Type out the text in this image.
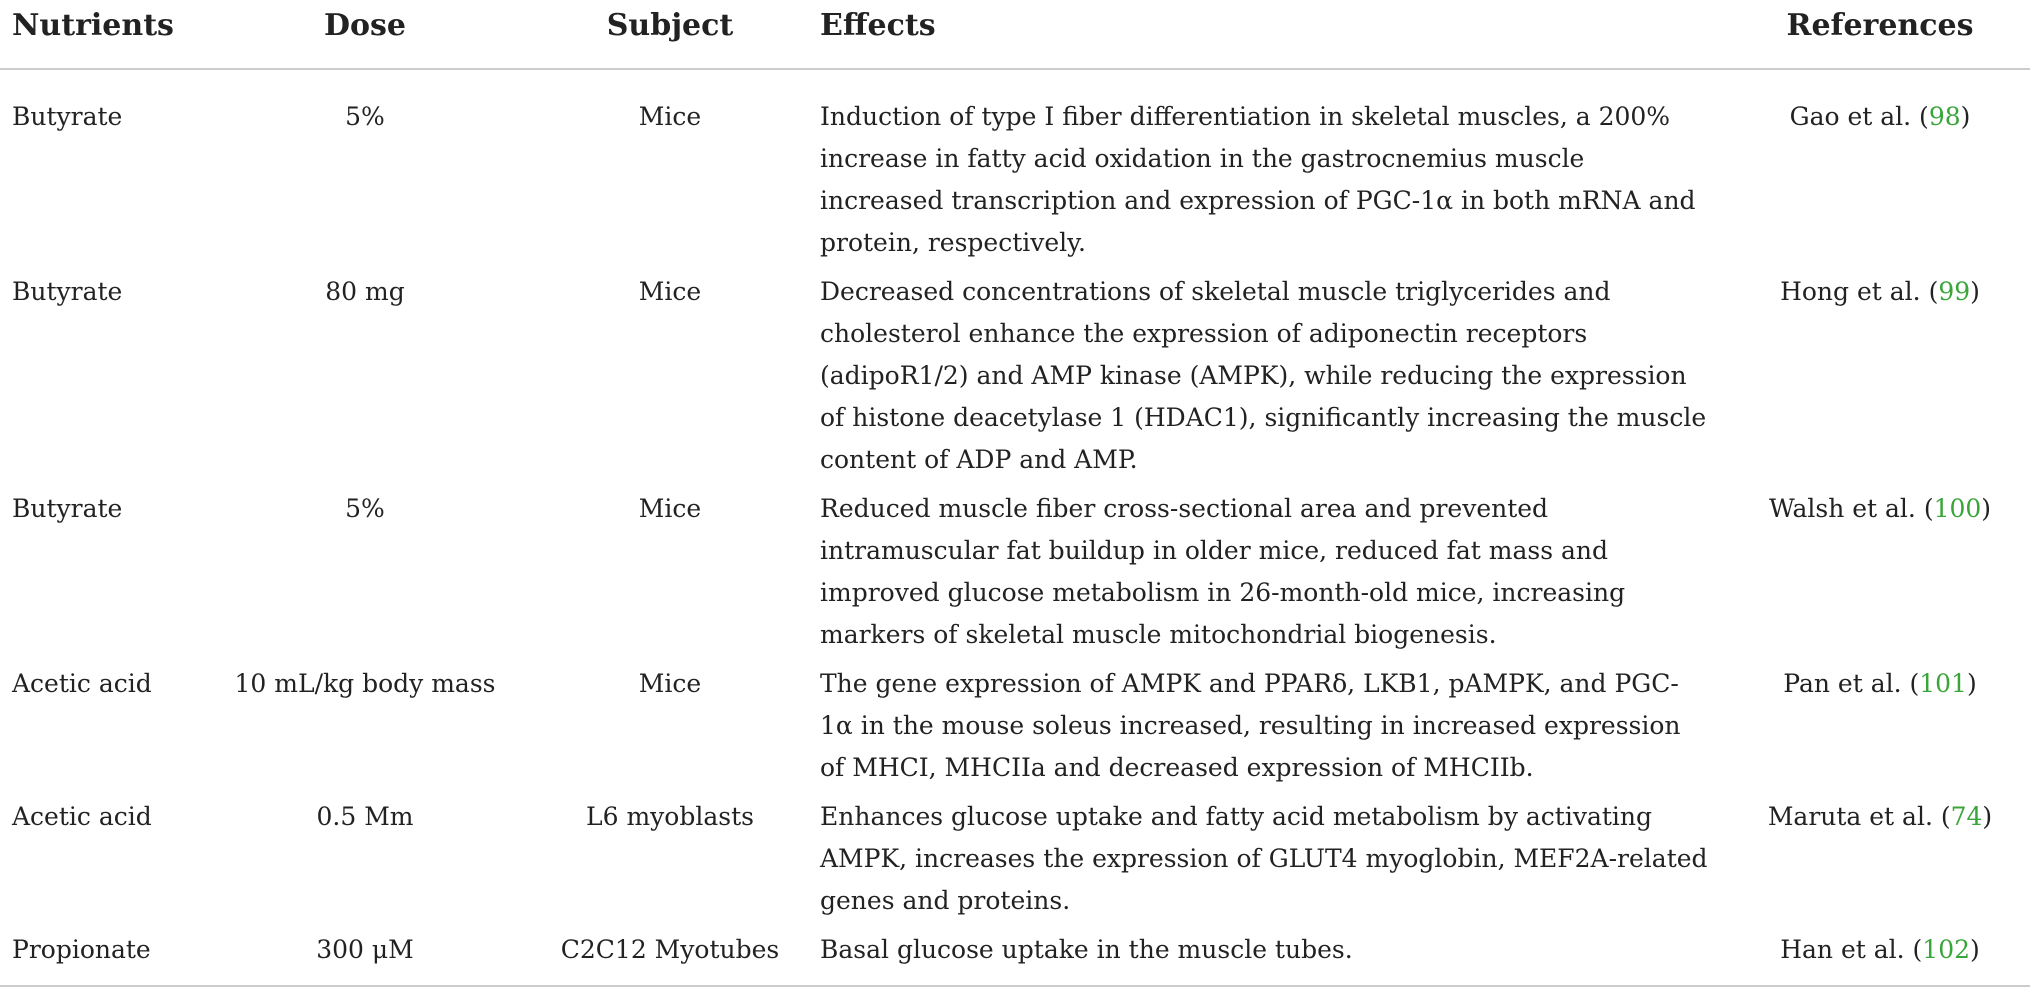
Nutrients	Dose	Subject	Effects	References
Butyrate	5%	Mice	Induction of type I fiber differentiation in skeletal muscles, a 200% increase in fatty acid oxidation in the gastrocnemius muscle increased transcription and expression of PGC-1α in both mRNA and protein, respectively.	Gao et al. (98)
Butyrate	80 mg	Mice	Decreased concentrations of skeletal muscle triglycerides and cholesterol enhance the expression of adiponectin receptors (adipoR1/2) and AMP kinase (AMPK), while reducing the expression of histone deacetylase 1 (HDAC1), significantly increasing the muscle content of ADP and AMP.	Hong et al. (99)
Butyrate	5%	Mice	Reduced muscle fiber cross-sectional area and prevented intramuscular fat buildup in older mice, reduced fat mass and improved glucose metabolism in 26-month-old mice, increasing markers of skeletal muscle mitochondrial biogenesis.	Walsh et al. (100)
Acetic acid	10 mL/kg body mass	Mice	The gene expression of AMPK and PPARδ, LKB1, pAMPK, and PGC-1α in the mouse soleus increased, resulting in increased expression of MHCI, MHCIIa and decreased expression of MHCIIb.	Pan et al. (101)
Acetic acid	0.5 Mm	L6 myoblasts	Enhances glucose uptake and fatty acid metabolism by activating AMPK, increases the expression of GLUT4 myoglobin, MEF2A-related genes and proteins.	Maruta et al. (74)
Propionate	300 μM	C2C12 Myotubes	Basal glucose uptake in the muscle tubes.	Han et al. (102)
